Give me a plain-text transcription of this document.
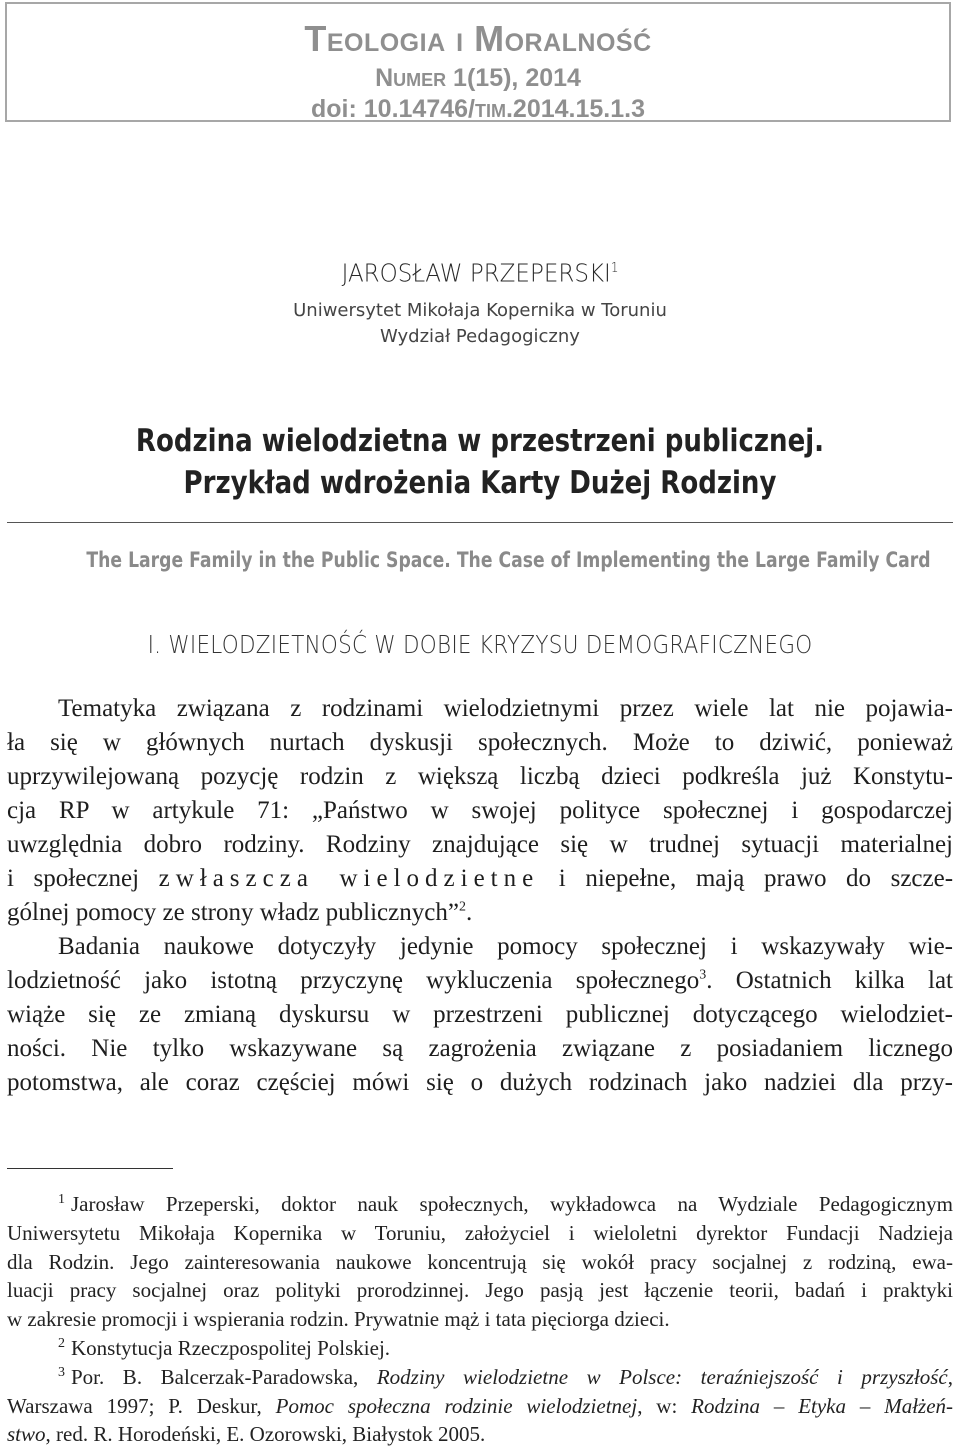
Teologia i Moralność
Numer 1(15), 2014
doi: 10.14746/tim.2014.15.1.3
JAROSŁAW PRZEPERSKI$^1$
Uniwersytet Mikołaja Kopernika w Toruniu
Wydział Pedagogiczny
Rodzina wielodzietna w przestrzeni publicznej.
Przykład wdrożenia Karty Dużej Rodziny
The Large Family in the Public Space. The Case of Implementing the Large Family Card
I. WIELODZIETNOŚĆ W DOBIE KRYZYSU DEMOGRAFICZNEGO
Tematyka związana z rodzinami wielodzietnymi przez wiele lat nie pojawia-
ła się w głównych nurtach dyskusji społecznych. Może to dziwić, ponieważ
uprzywilejowaną pozycję rodzin z większą liczbą dzieci podkreśla już Konstytu-
cja RP w artykule 71: „Państwo w swojej polityce społecznej i gospodarczej
uwzględnia dobro rodziny. Rodziny znajdujące się w trudnej sytuacji materialnej
i społecznej zwłaszcza wielodzietne i niepełne, mają prawo do szcze-
gólnej pomocy ze strony władz publicznych”$^2$.
Badania naukowe dotyczyły jedynie pomocy społecznej i wskazywały wie-
lodzietność jako istotną przyczynę wykluczenia społecznego$^3$. Ostatnich kilka lat
wiąże się ze zmianą dyskursu w przestrzeni publicznej dotyczącego wielodziet-
ności. Nie tylko wskazywane są zagrożenia związane z posiadaniem licznego
potomstwa, ale coraz częściej mówi się o dużych rodzinach jako nadziei dla przy-
$^1$ Jarosław Przeperski, doktor nauk społecznych, wykładowca na Wydziale Pedagogicznym
Uniwersytetu Mikołaja Kopernika w Toruniu, założyciel i wieloletni dyrektor Fundacji Nadzieja
dla Rodzin. Jego zainteresowania naukowe koncentrują się wokół pracy socjalnej z rodziną, ewa-
luacji pracy socjalnej oraz polityki prorodzinnej. Jego pasją jest łączenie teorii, badań i praktyki
w zakresie promocji i wspierania rodzin. Prywatnie mąż i tata pięciorga dzieci.
$^2$ Konstytucja Rzeczpospolitej Polskiej.
$^3$ Por. B. Balcerzak-Paradowska, Rodziny wielodzietne w Polsce: teraźniejszość i przyszłość,
Warszawa 1997; P. Deskur, Pomoc społeczna rodzinie wielodzietnej, w: Rodzina – Etyka – Małżeń-
stwo, red. R. Horodeński, E. Ozorowski, Białystok 2005.
